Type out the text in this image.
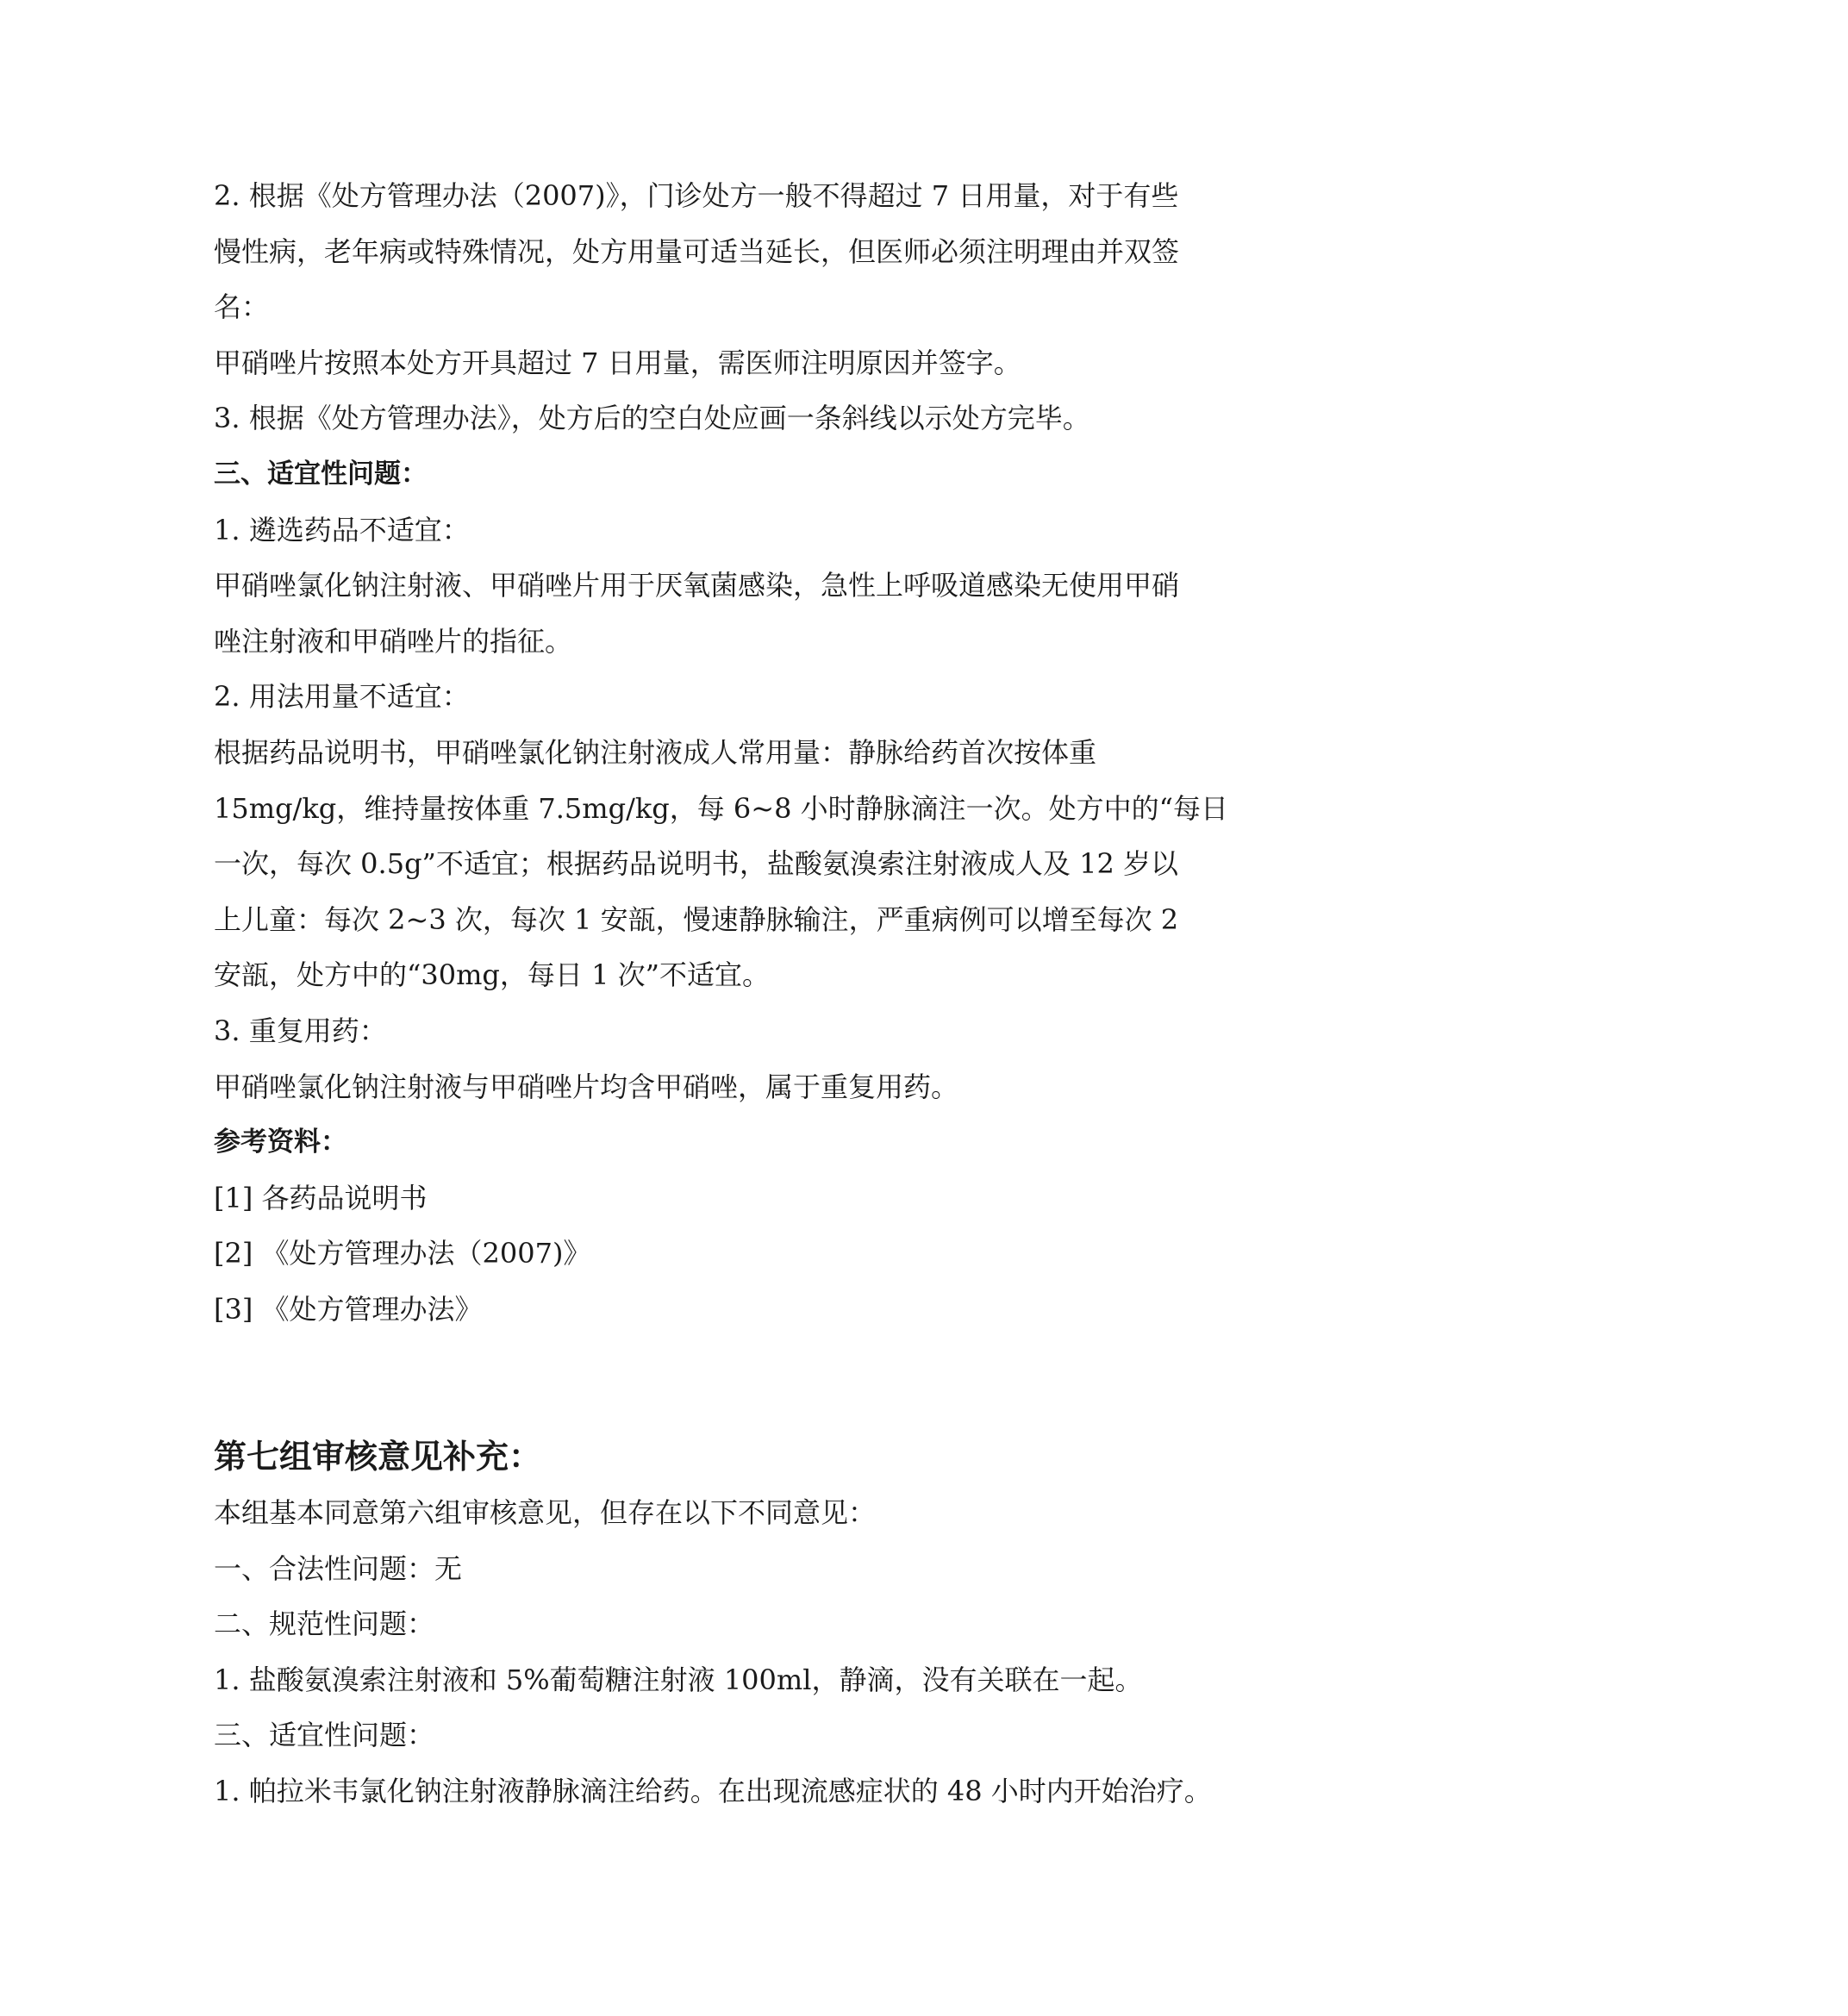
2. 根据《处方管理办法（2007)》，门诊处方一般不得超过 7 日用量，对于有些
慢性病，老年病或特殊情况，处方用量可适当延长，但医师必须注明理由并双签
名：
甲硝唑片按照本处方开具超过 7 日用量，需医师注明原因并签字。
3. 根据《处方管理办法》，处方后的空白处应画一条斜线以示处方完毕。
三、适宜性问题：
1. 遴选药品不适宜：
甲硝唑氯化钠注射液、甲硝唑片用于厌氧菌感染，急性上呼吸道感染无使用甲硝
唑注射液和甲硝唑片的指征。
2. 用法用量不适宜：
根据药品说明书，甲硝唑氯化钠注射液成人常用量：静脉给药首次按体重
15mg/kg，维持量按体重 7.5mg/kg，每 6~8 小时静脉滴注一次。处方中的“每日
一次，每次 0.5g”不适宜；根据药品说明书，盐酸氨溴索注射液成人及 12 岁以
上儿童：每次 2~3 次，每次 1 安瓿，慢速静脉输注，严重病例可以增至每次 2
安瓿，处方中的“30mg，每日 1 次”不适宜。
3. 重复用药：
甲硝唑氯化钠注射液与甲硝唑片均含甲硝唑，属于重复用药。
参考资料：
[1] 各药品说明书
[2] 《处方管理办法（2007)》
[3] 《处方管理办法》
第七组审核意见补充：
本组基本同意第六组审核意见，但存在以下不同意见：
一、合法性问题：无
二、规范性问题：
1. 盐酸氨溴索注射液和 5%葡萄糖注射液 100ml，静滴，没有关联在一起。
三、适宜性问题：
1. 帕拉米韦氯化钠注射液静脉滴注给药。在出现流感症状的 48 小时内开始治疗。
